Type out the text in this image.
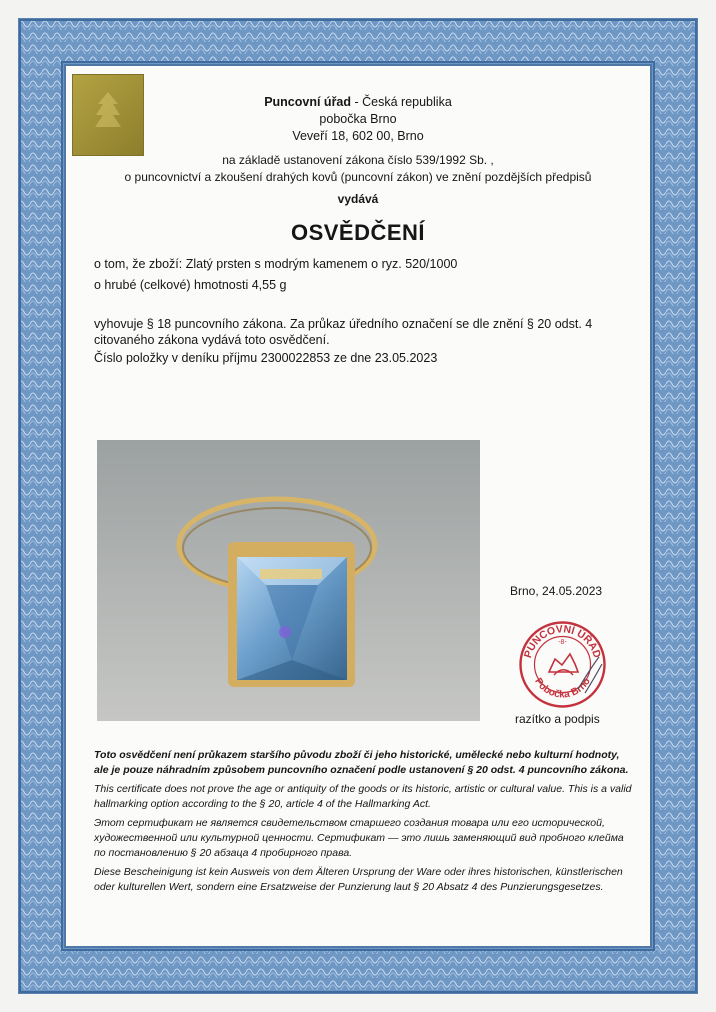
Puncovní úřad - Česká republika
pobočka Brno
Veveří 18, 602 00, Brno
na základě ustanovení zákona číslo 539/1992 Sb. ,
o puncovnictví a zkoušení drahých kovů (puncovní zákon) ve znění pozdějších předpisů
vydává
OSVĚDČENÍ
o tom, že zboží: Zlatý prsten s modrým kamenem o ryz. 520/1000
o hrubé (celkové) hmotnosti 4,55 g
vyhovuje § 18 puncovního zákona. Za průkaz úředního označení se dle znění § 20 odst. 4
citovaného zákona vydává toto osvědčení.
Číslo položky v deníku příjmu 2300022853 ze dne 23.05.2023
Brno, 24.05.2023
PUNCOVNÍ ÚŘAD
Pobočka Brno
-8-
razítko a podpis

Toto osvědčení není průkazem staršího původu zboží či jeho historické, umělecké nebo kulturní hodnoty, ale je pouze náhradním způsobem puncovního označení podle ustanovení § 20 odst. 4 puncovního zákona.

This certificate does not prove the age or antiquity of the goods or its historic, artistic or cultural value. This is a valid hallmarking option according to the § 20, article 4 of the Hallmarking Act.

Этот сертификат не является свидетельством старшего создания товара или его исторической, художественной или культурной ценности. Сертификат — это лишь заменяющий вид пробного клейма по постановлению § 20 абзаца 4 пробирного права.

Diese Bescheinigung ist kein Ausweis von dem Älteren Ursprung der Ware oder ihres historischen, künstlerischen oder kulturellen Wert, sondern eine Ersatzweise der Punzierung laut § 20 Absatz 4 des Punzierungsgesetzes.
